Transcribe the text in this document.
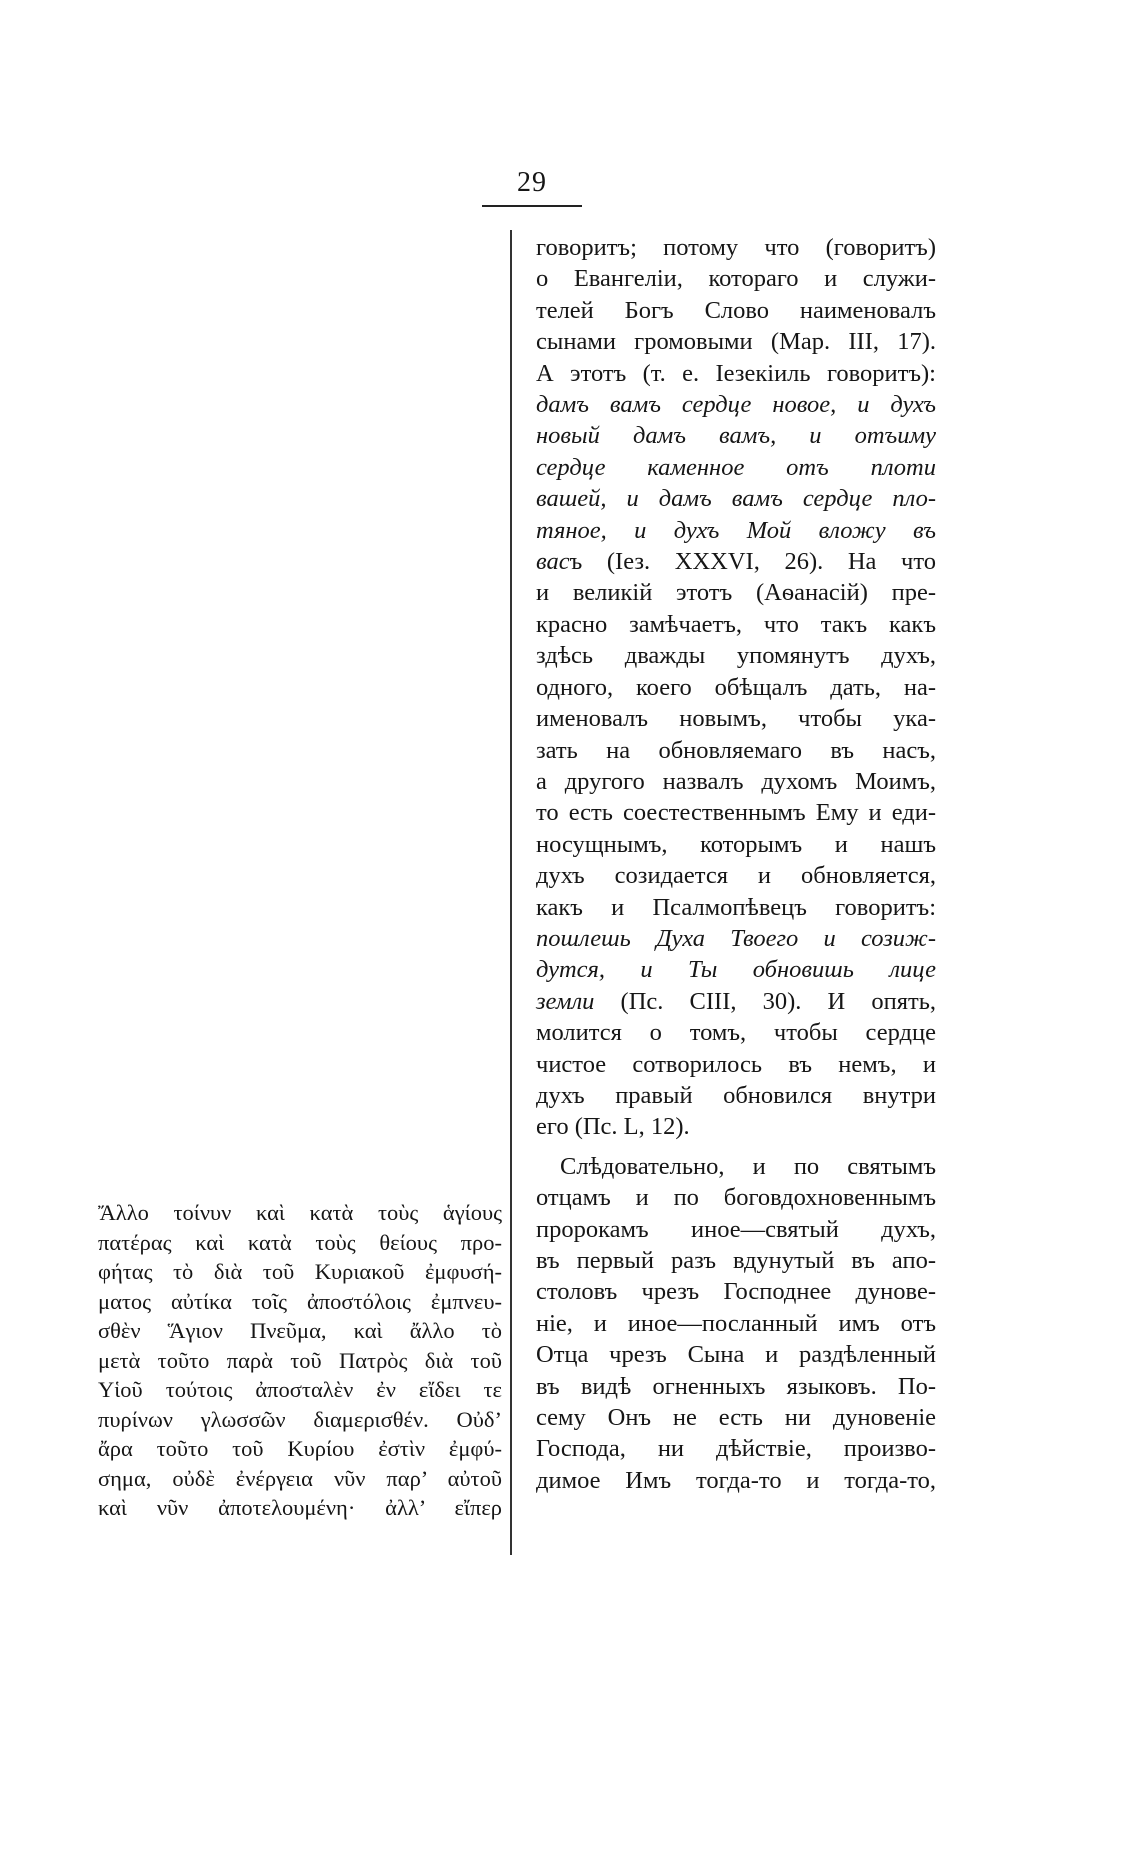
29
Ἄλλο τοίνυν καὶ κατὰ τοὺς ἁγίους
πατέρας καὶ κατὰ τοὺς θείους προ-
φήτας τὸ διὰ τοῦ Κυριακοῦ ἐμφυσή-
ματος αὐτίκα τοῖς ἀποστόλοις ἐμπνευ-
σθὲν Ἅγιον Πνεῦμα, καὶ ἄλλο τὸ
μετὰ τοῦτο παρὰ τοῦ Πατρὸς διὰ τοῦ
Υἱοῦ τούτοις ἀποσταλὲν ἐν εἴδει τε
πυρίνων γλωσσῶν διαμερισθέν. Οὐδ’
ἄρα τοῦτο τοῦ Κυρίου ἐστὶν ἐμφύ-
σημα, οὐδὲ ἐνέργεια νῦν παρ’ αὐτοῦ
καὶ νῦν ἀποτελουμένη· ἀλλ’ εἴπερ
говоритъ; потому что (говоритъ)
о Евангеліи, котораго и служи-
телей Богъ Слово наименовалъ
сынами громовыми (Мар. III, 17).
А этотъ (т. е. Іезекіиль говоритъ):
дамъ вамъ сердце новое, и духъ
новый дамъ вамъ, и отъиму
сердце каменное отъ плоти
вашей, и дамъ вамъ сердце пло-
тяное, и духъ Мой вложу въ
васъ (Іез. XXXVI, 26). На что
и великій этотъ (Аѳанасій) пре-
красно замѣчаетъ, что такъ какъ
здѣсь дважды упомянутъ духъ,
одного, коего обѣщалъ дать, на-
именовалъ новымъ, чтобы ука-
зать на обновляемаго въ насъ,
а другого назвалъ духомъ Моимъ,
то есть соестественнымъ Ему и еди-
носущнымъ, которымъ и нашъ
духъ созидается и обновляется,
какъ и Псалмопѣвецъ говоритъ:
пошлешь Духа Твоего и созиж-
дутся, и Ты обновишь лице
земли (Пс. CIII, 30). И опять,
молится о томъ, чтобы сердце
чистое сотворилось въ немъ, и
духъ правый обновился внутри
его (Пс. L, 12).
Слѣдовательно, и по святымъ
отцамъ и по боговдохновеннымъ
пророкамъ иное—святый духъ,
въ первый разъ вдунутый въ апо-
столовъ чрезъ Господнее дунове-
ніе, и иное—посланный имъ отъ
Отца чрезъ Сына и раздѣленный
въ видѣ огненныхъ языковъ. По-
сему Онъ не есть ни дуновеніе
Господа, ни дѣйствіе, произво-
димое Имъ тогда-то и тогда-то,
